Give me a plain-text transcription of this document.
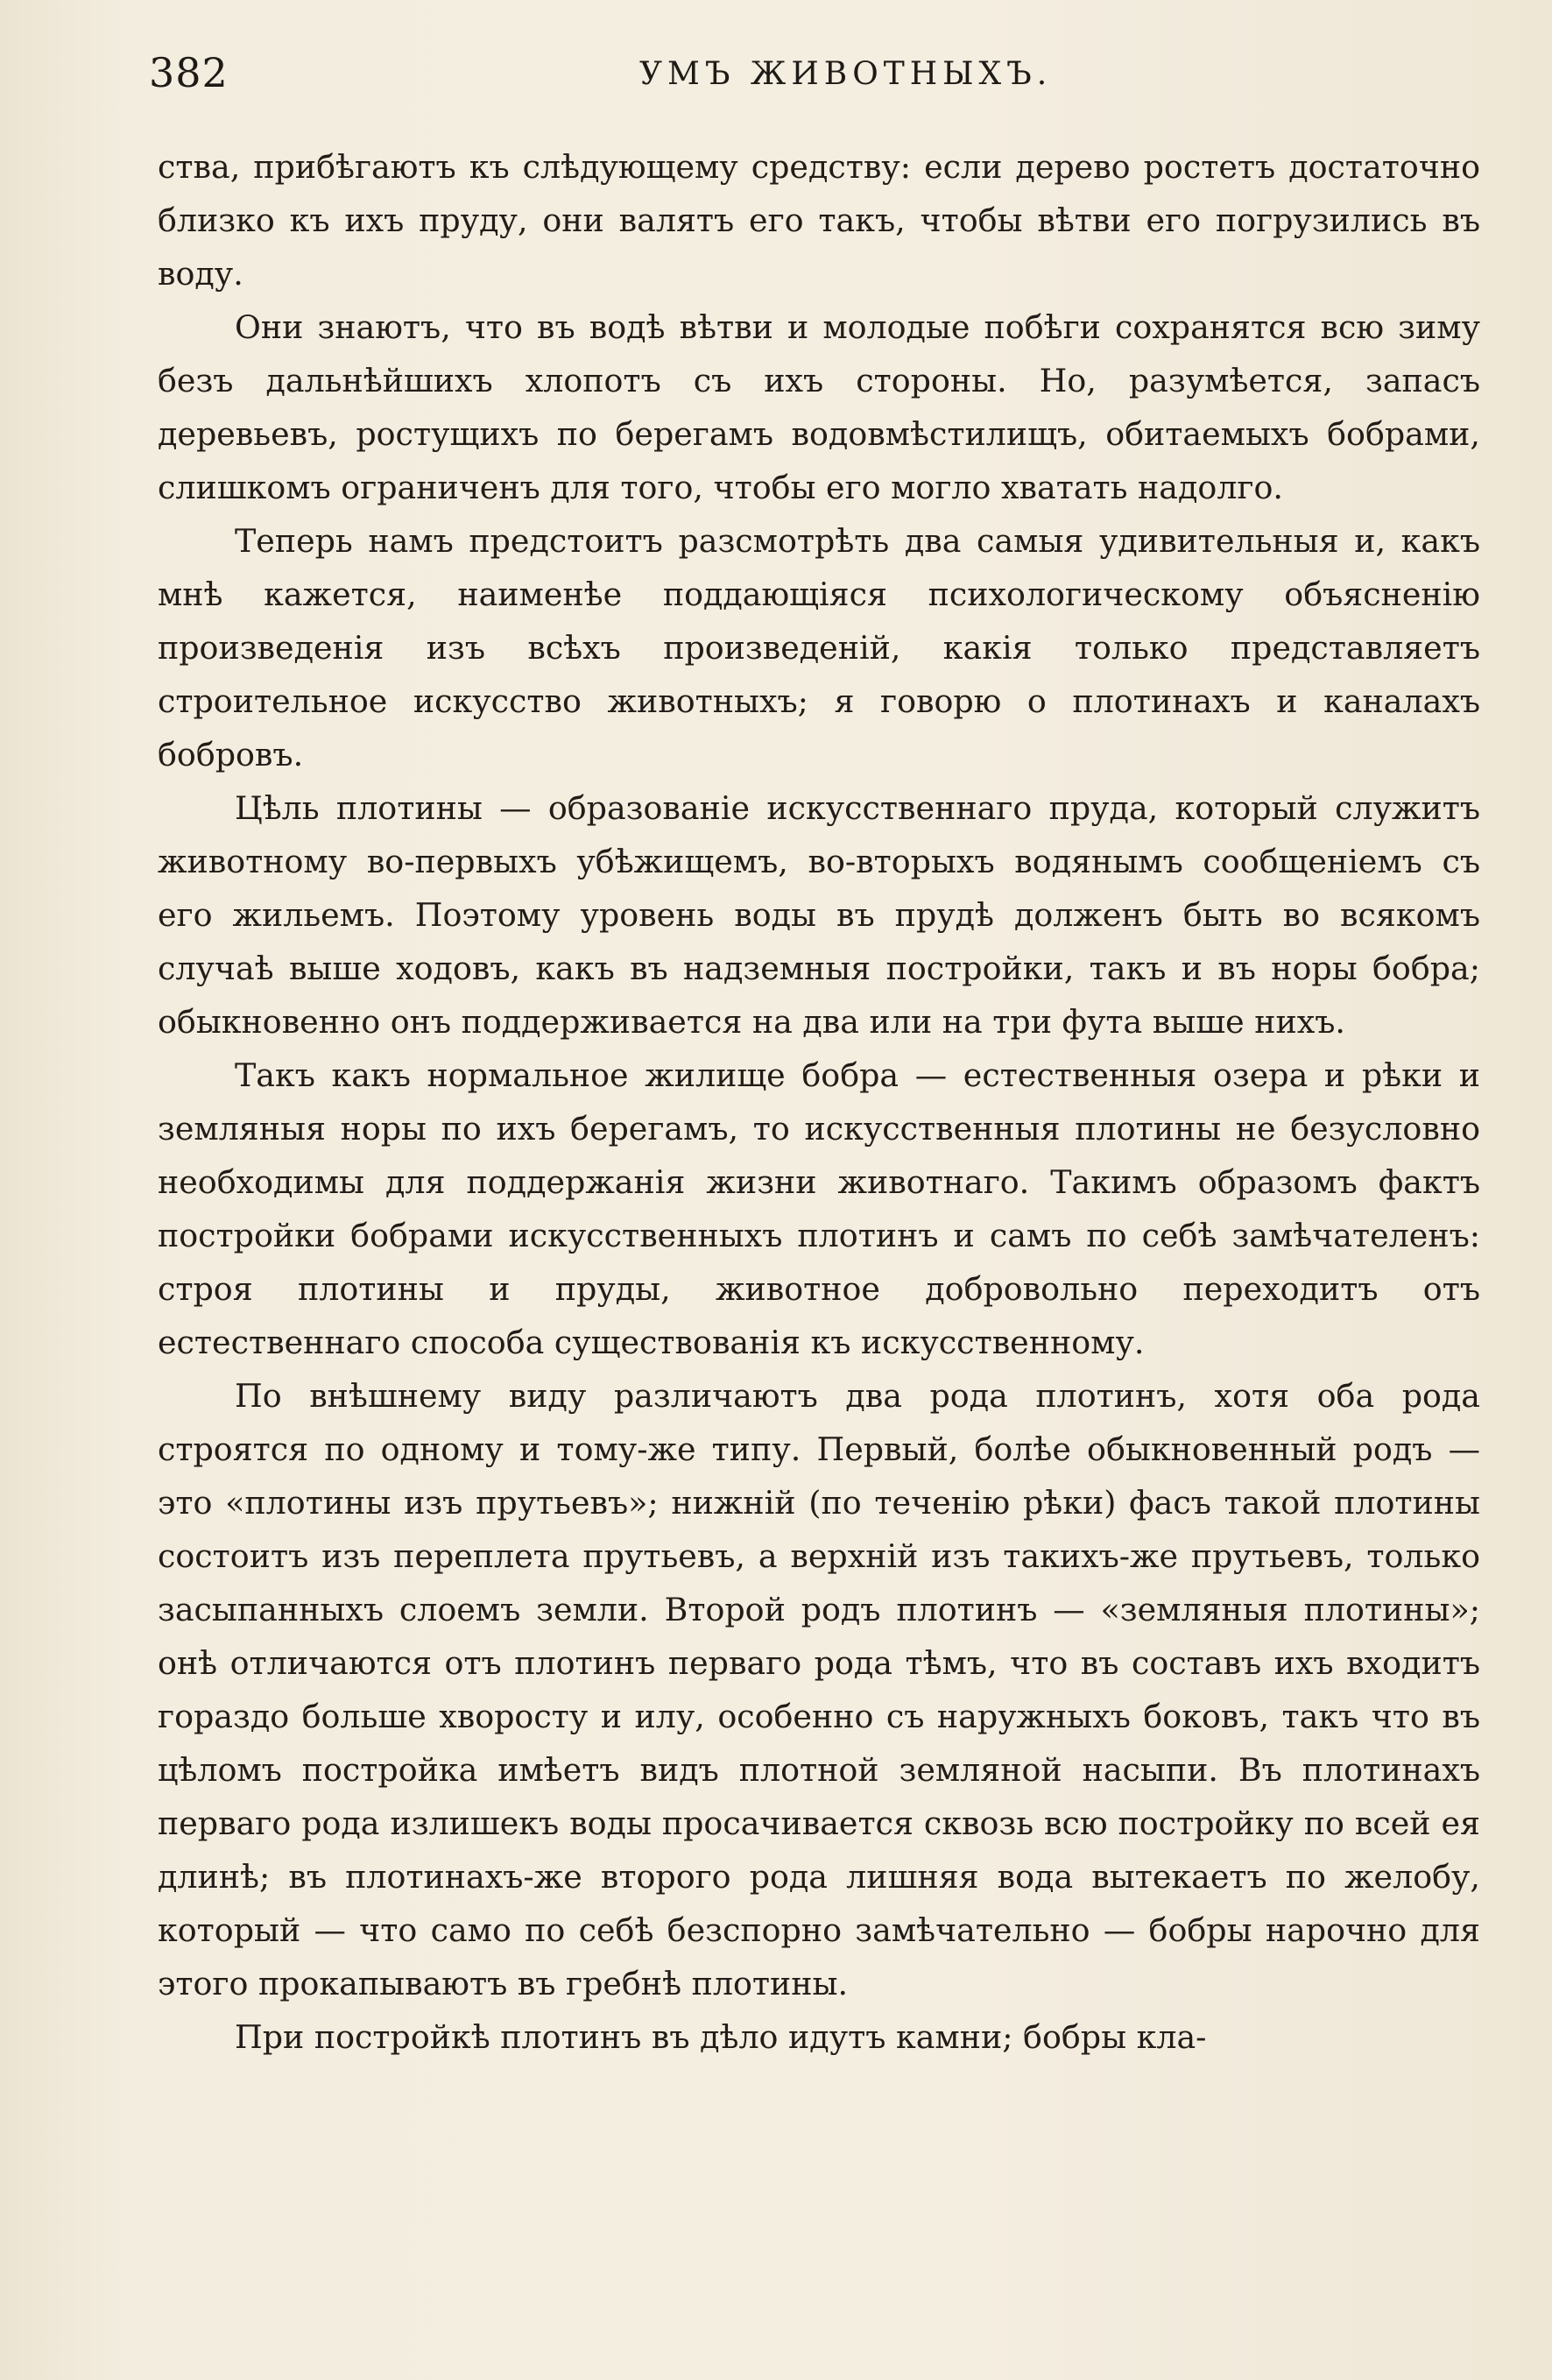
382	УМЪ ЖИВОТНЫХЪ.

ства, прибѣгаютъ къ слѣдующему средству: если дерево ростетъ достаточно близко къ ихъ пруду, они валятъ его такъ, чтобы вѣтви его погрузились въ воду.

Они знаютъ, что въ водѣ вѣтви и молодые побѣги сохранятся всю зиму безъ дальнѣйшихъ хлопотъ съ ихъ стороны. Но, разумѣется, запасъ деревьевъ, ростущихъ по берегамъ водовмѣстилищъ, обитаемыхъ бобрами, слишкомъ ограниченъ для того, чтобы его могло хватать надолго.

Теперь намъ предстоитъ разсмотрѣть два самыя удивительныя и, какъ мнѣ кажется, наименѣе поддающіяся психологическому объясненію произведенія изъ всѣхъ произведеній, какія только представляетъ строительное искусство животныхъ; я говорю о плотинахъ и каналахъ бобровъ.

Цѣль плотины — образованіе искусственнаго пруда, который служитъ животному во-первыхъ убѣжищемъ, во-вторыхъ водянымъ сообщеніемъ съ его жильемъ. Поэтому уровень воды въ прудѣ долженъ быть во всякомъ случаѣ выше ходовъ, какъ въ надземныя постройки, такъ и въ норы бобра; обыкновенно онъ поддерживается на два или на три фута выше нихъ.

Такъ какъ нормальное жилище бобра — естественныя озера и рѣки и земляныя норы по ихъ берегамъ, то искусственныя плотины не безусловно необходимы для поддержанія жизни животнаго. Такимъ образомъ фактъ постройки бобрами искусственныхъ плотинъ и самъ по себѣ замѣчателенъ: строя плотины и пруды, животное добровольно переходитъ отъ естественнаго способа существованія къ искусственному.

По внѣшнему виду различаютъ два рода плотинъ, хотя оба рода строятся по одному и тому-же типу. Первый, болѣе обыкновенный родъ — это «плотины изъ прутьевъ»; нижній (по теченію рѣки) фасъ такой плотины состоитъ изъ переплета прутьевъ, а верхній изъ такихъ-же прутьевъ, только засыпанныхъ слоемъ земли. Второй родъ плотинъ — «земляныя плотины»; онѣ отличаются отъ плотинъ перваго рода тѣмъ, что въ составъ ихъ входитъ гораздо больше хворосту и илу, особенно съ наружныхъ боковъ, такъ что въ цѣломъ постройка имѣетъ видъ плотной земляной насыпи. Въ плотинахъ перваго рода излишекъ воды просачивается сквозь всю постройку по всей ея длинѣ; въ плотинахъ-же второго рода лишняя вода вытекаетъ по желобу, который — что само по себѣ безспорно замѣчательно — бобры нарочно для этого прокапываютъ въ гребнѣ плотины.

При постройкѣ плотинъ въ дѣло идутъ камни; бобры кла-
